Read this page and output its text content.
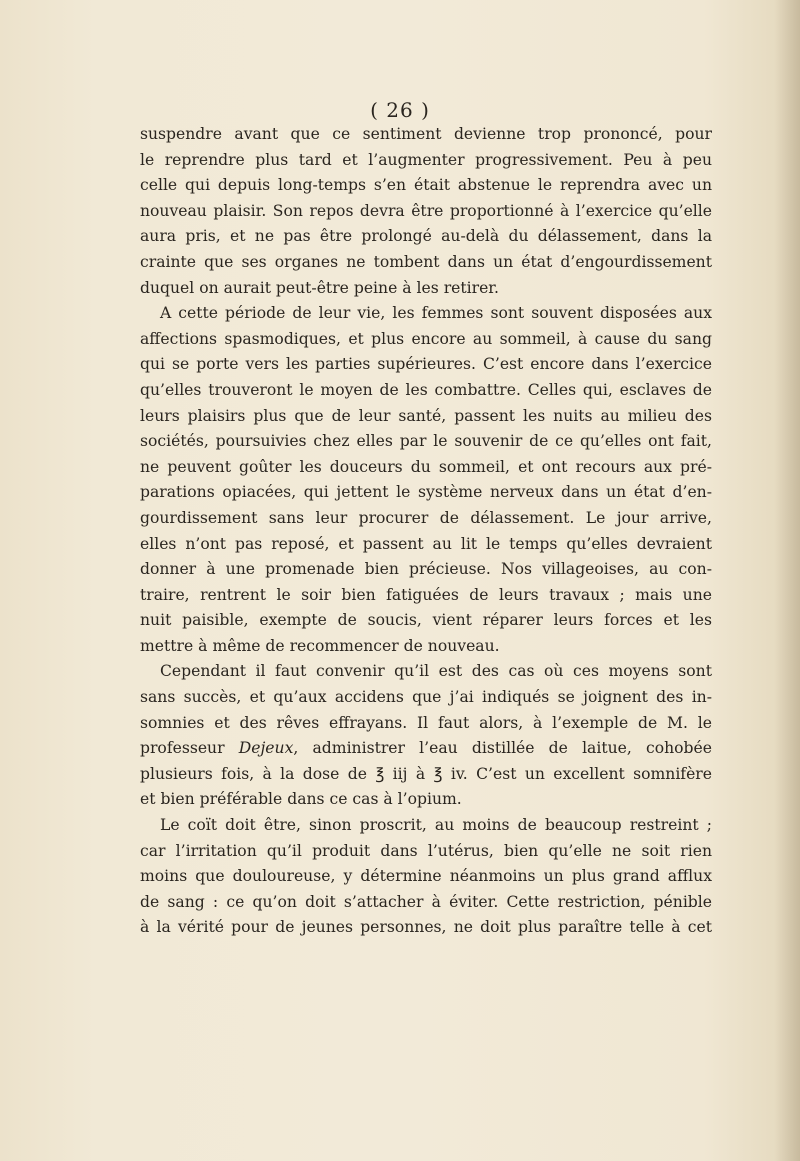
( 26 )
suspendre avant que ce sentiment devienne trop prononcé, pour
le reprendre plus tard et l’augmenter progressivement. Peu à peu
celle qui depuis long-temps s’en était abstenue le reprendra avec un
nouveau plaisir. Son repos devra être proportionné à l’exercice qu’elle
aura pris, et ne pas être prolongé au-delà du délassement, dans la
crainte que ses organes ne tombent dans un état d’engourdissement
duquel on aurait peut-être peine à les retirer.
A cette période de leur vie, les femmes sont souvent disposées aux
affections spasmodiques, et plus encore au sommeil, à cause du sang
qui se porte vers les parties supérieures. C’est encore dans l’exercice
qu’elles trouveront le moyen de les combattre. Celles qui, esclaves de
leurs plaisirs plus que de leur santé, passent les nuits au milieu des
sociétés, poursuivies chez elles par le souvenir de ce qu’elles ont fait,
ne peuvent goûter les douceurs du sommeil, et ont recours aux pré-
parations opiacées, qui jettent le système nerveux dans un état d’en-
gourdissement sans leur procurer de délassement. Le jour arrive,
elles n’ont pas reposé, et passent au lit le temps qu’elles devraient
donner à une promenade bien précieuse. Nos villageoises, au con-
traire, rentrent le soir bien fatiguées de leurs travaux ; mais une
nuit paisible, exempte de soucis, vient réparer leurs forces et les
mettre à même de recommencer de nouveau.
Cependant il faut convenir qu’il est des cas où ces moyens sont
sans succès, et qu’aux accidens que j’ai indiqués se joignent des in-
somnies et des rêves effrayans. Il faut alors, à l’exemple de M. le
professeur Dejeux, administrer l’eau distillée de laitue, cohobée
plusieurs fois, à la dose de ℥ iij à ℥ iv. C’est un excellent somnifère
et bien préférable dans ce cas à l’opium.
Le coït doit être, sinon proscrit, au moins de beaucoup restreint ;
car l’irritation qu’il produit dans l’utérus, bien qu’elle ne soit rien
moins que douloureuse, y détermine néanmoins un plus grand afflux
de sang : ce qu’on doit s’attacher à éviter. Cette restriction, pénible
à la vérité pour de jeunes personnes, ne doit plus paraître telle à cet
